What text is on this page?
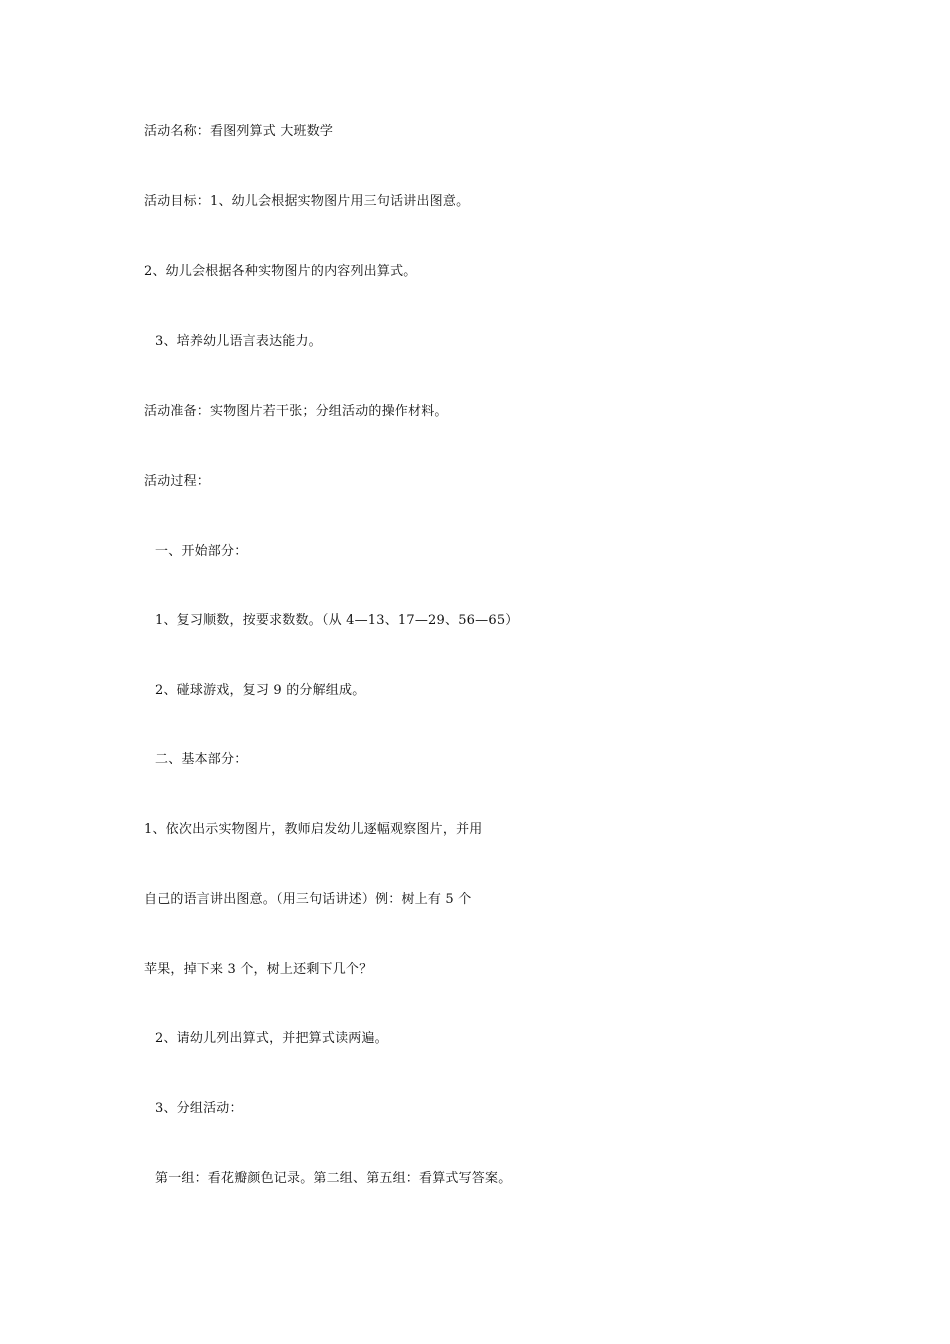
活动名称：看图列算式 大班数学
活动目标：1、幼儿会根据实物图片用三句话讲出图意。
2、幼儿会根据各种实物图片的内容列出算式。
3、培养幼儿语言表达能力。
活动准备：实物图片若干张；分组活动的操作材料。
活动过程：
一、开始部分：
1、复习顺数，按要求数数。（从 4—13、17—29、56—65）
2、碰球游戏，复习 9 的分解组成。
二、基本部分：
1、依次出示实物图片，教师启发幼儿逐幅观察图片，并用
自己的语言讲出图意。（用三句话讲述）例：树上有 5 个
苹果，掉下来 3 个，树上还剩下几个？
2、请幼儿列出算式，并把算式读两遍。
3、分组活动：
第一组：看花瓣颜色记录。第二组、第五组：看算式写答案。
